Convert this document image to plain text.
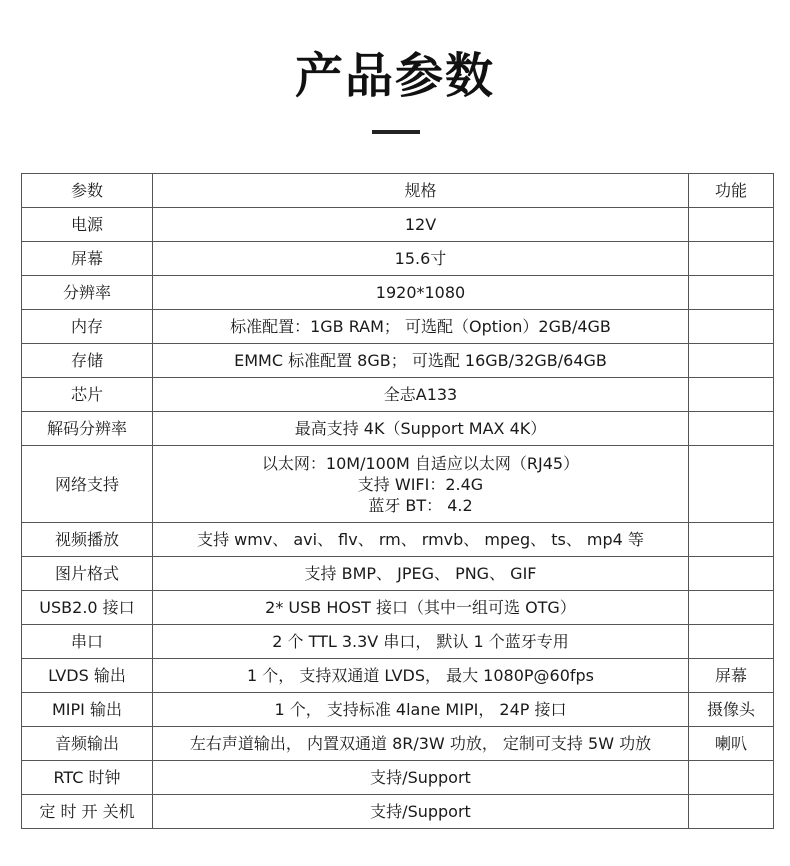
产品参数
参数	规格	功能
电源	12V	

屏幕	15.6寸	

分辨率	1920*1080	

内存	标准配置：1GB RAM； 可选配（Option）2GB/4GB	

存储	EMMC 标准配置 8GB； 可选配 16GB/32GB/64GB	

芯片	全志A133	

解码分辨率	最高支持 4K（Support MAX 4K）	

网络支持	以太网：10M/100M 自适应以太网（RJ45）
支持 WIFI：2.4G
蓝牙 BT： 4.2	

视频播放	支持 wmv、 avi、 flv、 rm、 rmvb、 mpeg、 ts、 mp4 等	

图片格式	支持 BMP、 JPEG、 PNG、 GIF	

USB2.0 接口	2* USB HOST 接口（其中一组可选 OTG）	

串口	2 个 TTL 3.3V 串口， 默认 1 个蓝牙专用	

LVDS 输出	1 个， 支持双通道 LVDS， 最大 1080P@60fps	屏幕
MIPI 输出	1 个， 支持标准 4lane MIPI， 24P 接口	摄像头
音频输出	左右声道输出， 内置双通道 8R/3W 功放， 定制可支持 5W 功放	喇叭
RTC 时钟	支持/Support	

定 时 开 关机	支持/Support	
